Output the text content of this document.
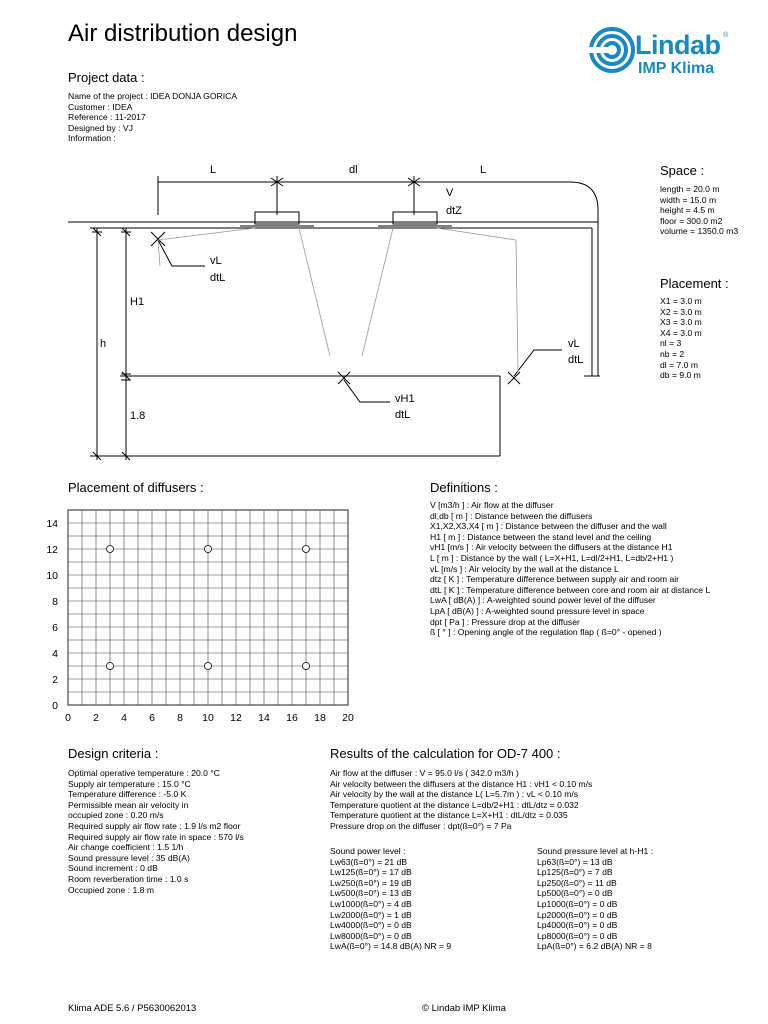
Air distribution design	Lindab ®
IMP Klima
Project data :
Name of the project : IDEA DONJA GORICA
Customer : IDEA
Reference : 11-2017
Designed by : VJ
Information :
L	dl	L
V
dtZ
vL
dtL
H1
h	vL
dtL
vH1
dtL
1.8
Space :
length = 20.0 m
width = 15.0 m
height = 4.5 m
floor = 300.0 m2
volume = 1350.0 m3
Placement :
X1 = 3.0 m
X2 = 3.0 m
X3 = 3.0 m
X4 = 3.0 m
nl = 3
nb = 2
dl = 7.0 m
db = 9.0 m
Placement of diffusers :
0 2 4 6 8 10 12 14 16 18 20
0
2
4
6
8
10
12
14
Definitions :
V [m3/h ] : Air flow at the diffuser
dl,db [ m ] : Distance between the diffusers
X1,X2,X3,X4 [ m ] : Distance between the diffuser and the wall
H1 [ m ] : Distance between the stand level and the ceiling
vH1 [m/s ] : Air velocity between the diffusers at the distance H1
L [ m ] : Distance by the wall ( L=X+H1, L=dl/2+H1, L=db/2+H1 )
vL [m/s ] : Air velocity by the wall at the distance L
dtz [ K ] : Temperature difference between supply air and room air
dtL [ K ] : Temperature difference between core and room air at distance L
LwA [ dB(A) ] : A-weighted sound power level of the diffuser
LpA [ dB(A) ] : A-weighted sound pressure level in space
dpt [ Pa ] : Pressure drop at the diffuser
ß [ ° ] : Opening angle of the regulation flap ( ß=0° - opened )
Design criteria :
Optimal operative temperature : 20.0 °C
Supply air temperature : 15.0 °C
Temperature difference : -5.0 K
Permissible mean air velocity in
occupied zone : 0.20 m/s
Required supply air flow rate : 1.9 l/s m2 floor
Required supply air flow rate in space : 570 l/s
Air change coefficient : 1.5 1/h
Sound pressure level : 35 dB(A)
Sound increment : 0 dB
Room reverberation time : 1.0 s
Occupied zone : 1.8 m
Results of the calculation for OD-7 400 :
Air flow at the diffuser : V = 95.0 l/s ( 342.0 m3/h )
Air velocity between the diffusers at the distance H1 : vH1 < 0.10 m/s
Air velocity by the wall at the distance L( L=5.7m ) : vL < 0.10 m/s
Temperature quotient at the distance L=db/2+H1 : dtL/dtz = 0.032
Temperature quotient at the distance L=X+H1 : dtL/dtz = 0.035
Pressure drop on the diffuser : dpt(ß=0°) = 7 Pa
Sound power level :
Lw63(ß=0°) = 21 dB
Lw125(ß=0°) = 17 dB
Lw250(ß=0°) = 19 dB
Lw500(ß=0°) = 13 dB
Lw1000(ß=0°) = 4 dB
Lw2000(ß=0°) = 1 dB
Lw4000(ß=0°) = 0 dB
Lw8000(ß=0°) = 0 dB
LwA(ß=0°) = 14.8 dB(A) NR = 9
Sound pressure level at h-H1 :
Lp63(ß=0°) = 13 dB
Lp125(ß=0°) = 7 dB
Lp250(ß=0°) = 11 dB
Lp500(ß=0°) = 0 dB
Lp1000(ß=0°) = 0 dB
Lp2000(ß=0°) = 0 dB
Lp4000(ß=0°) = 0 dB
Lp8000(ß=0°) = 0 dB
LpA(ß=0°) = 6.2 dB(A) NR = 8
Klima ADE 5.6 / P5630062013	© Lindab IMP Klima
